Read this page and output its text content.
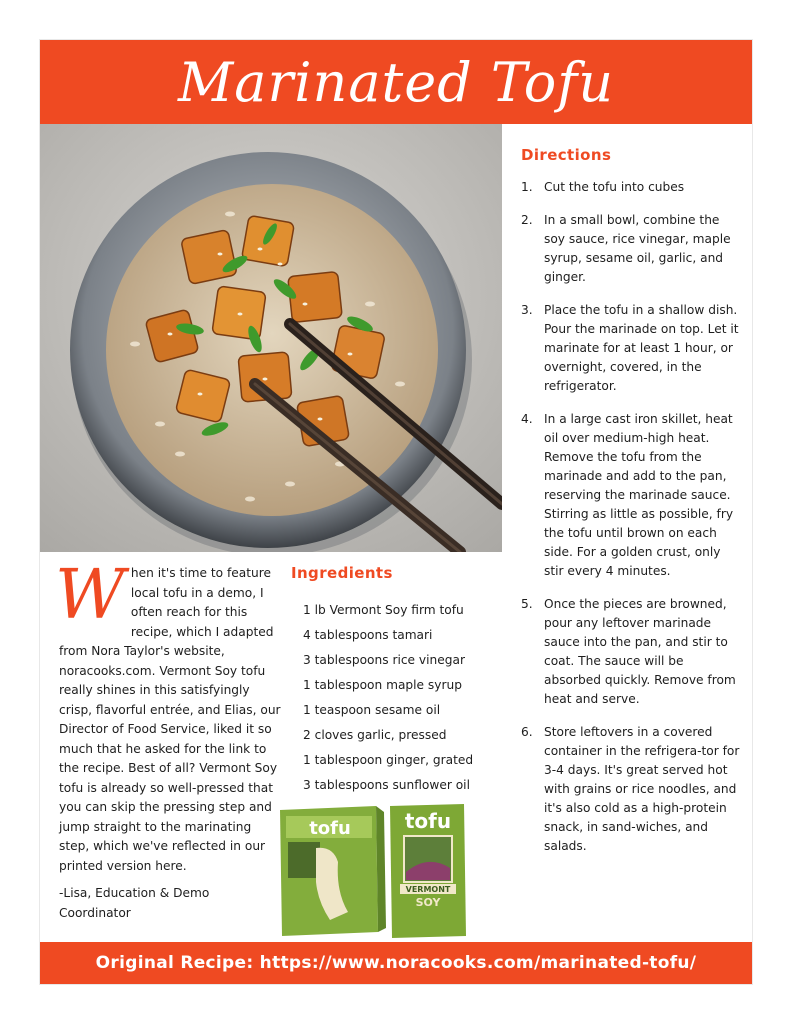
Marinated Tofu
Directions
1. Cut the tofu into cubes
2. In a small bowl, combine the soy sauce, rice vinegar, maple syrup, sesame oil, garlic, and ginger.
3. Place the tofu in a shallow dish. Pour the marinade on top. Let it marinate for at least 1 hour, or overnight, covered, in the refrigerator.
4. In a large cast iron skillet, heat oil over medium-high heat. Remove the tofu from the marinade and add to the pan, reserving the marinade sauce. Stirring as little as possible, fry the tofu until brown on each side. For a golden crust, only stir every 4 minutes.
5. Once the pieces are browned, pour any leftover marinade sauce into the pan, and stir to coat. The sauce will be absorbed quickly. Remove from heat and serve.
6. Store leftovers in a covered container in the refrigera-tor for 3-4 days. It's great served hot with grains or rice noodles, and it's also cold as a high-protein snack, in sand-wiches, and salads.
W hen it's time to feature local tofu in a demo, I often reach for this recipe, which I adapted from Nora Taylor's website, noracooks.com. Vermont Soy tofu really shines in this satisfyingly crisp, flavorful entrée, and Elias, our Director of Food Service, liked it so much that he asked for the link to the recipe. Best of all? Vermont Soy tofu is already so well-pressed that you can skip the pressing step and jump straight to the marinating step, which we've reflected in our printed version here.

-Lisa, Education & Demo Coordinator

Ingredients
1 lb Vermont Soy firm tofu
4 tablespoons tamari
3 tablespoons rice vinegar
1 tablespoon maple syrup
1 teaspoon sesame oil
2 cloves garlic, pressed
1 tablespoon ginger, grated
3 tablespoons sunflower oil
tofu	tofu
VERMONT
SOY
Original Recipe: https://www.noracooks.com/marinated-tofu/
